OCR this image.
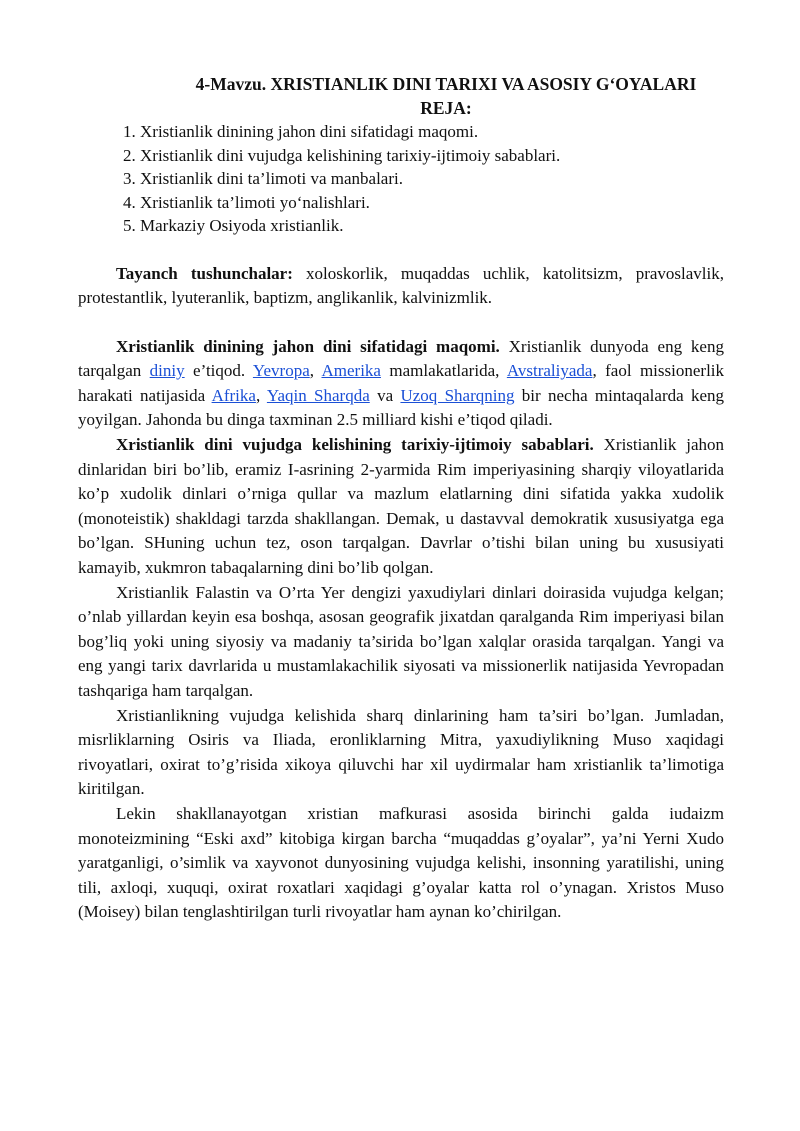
4-Mavzu. XRISTIANLIK DINI TARIXI VA ASOSIY G‘OYALARI
REJA:
1. Xristianlik dinining jahon dini sifatidagi maqomi.
2. Xristianlik dini vujudga kelishining tarixiy-ijtimoiy sabablari.
3. Xristianlik dini ta’limoti va manbalari.
4. Xristianlik ta’limoti yo‘nalishlari.
5. Markaziy Osiyoda xristianlik.

Tayanch tushunchalar: xoloskorlik, muqaddas uchlik, katolitsizm, pravoslavlik, protestantlik, lyuteranlik, baptizm, anglikanlik, kalvinizmlik.

Xristianlik dinining jahon dini sifatidagi maqomi. Xristianlik dunyoda eng keng tarqalgan diniy e’tiqod. Yevropa, Amerika mamlakatlarida, Avstraliyada, faol missionerlik harakati natijasida Afrika, Yaqin Sharqda va Uzoq Sharqning bir necha mintaqalarda keng yoyilgan. Jahonda bu dinga taxminan 2.5 milliard kishi e’tiqod qiladi.

Xristianlik dini vujudga kelishining tarixiy-ijtimoiy sabablari. Xristianlik jahon dinlaridan biri bo’lib, eramiz I-asrining 2-yarmida Rim imperiyasining sharqiy viloyatlarida ko’p xudolik dinlari o’rniga qullar va mazlum elatlarning dini sifatida yakka xudolik (monoteistik) shakldagi tarzda shakllangan. Demak, u dastavval demokratik xususiyatga ega bo’lgan. SHuning uchun tez, oson tarqalgan. Davrlar o’tishi bilan uning bu xususiyati kamayib, xukmron tabaqalarning dini bo’lib qolgan.

Xristianlik Falastin va O’rta Yer dengizi yaxudiylari dinlari doirasida vujudga kelgan; o’nlab yillardan keyin esa boshqa, asosan geografik jixatdan qaralganda Rim imperiyasi bilan bog’liq yoki uning siyosiy va madaniy ta’sirida bo’lgan xalqlar orasida tarqalgan. Yangi va eng yangi tarix davrlarida u mustamlakachilik siyosati va missionerlik natijasida Yevropadan tashqariga ham tarqalgan.

Xristianlikning vujudga kelishida sharq dinlarining ham ta’siri bo’lgan. Jumladan, misrliklarning Osiris va Iliada, eronliklarning Mitra, yaxudiylikning Muso xaqidagi rivoyatlari, oxirat to’g’risida xikoya qiluvchi har xil uydirmalar ham xristianlik ta’limotiga kiritilgan.

Lekin shakllanayotgan xristian mafkurasi asosida birinchi galda iudaizm monoteizmining “Eski axd” kitobiga kirgan barcha “muqaddas g’oyalar”, ya’ni Yerni Xudo yaratganligi, o’simlik va xayvonot dunyosining vujudga kelishi, insonning yaratilishi, uning tili, axloqi, xuquqi, oxirat roxatlari xaqidagi g’oyalar katta rol o’ynagan. Xristos Muso (Moisey) bilan tenglashtirilgan turli rivoyatlar ham aynan ko’chirilgan.
